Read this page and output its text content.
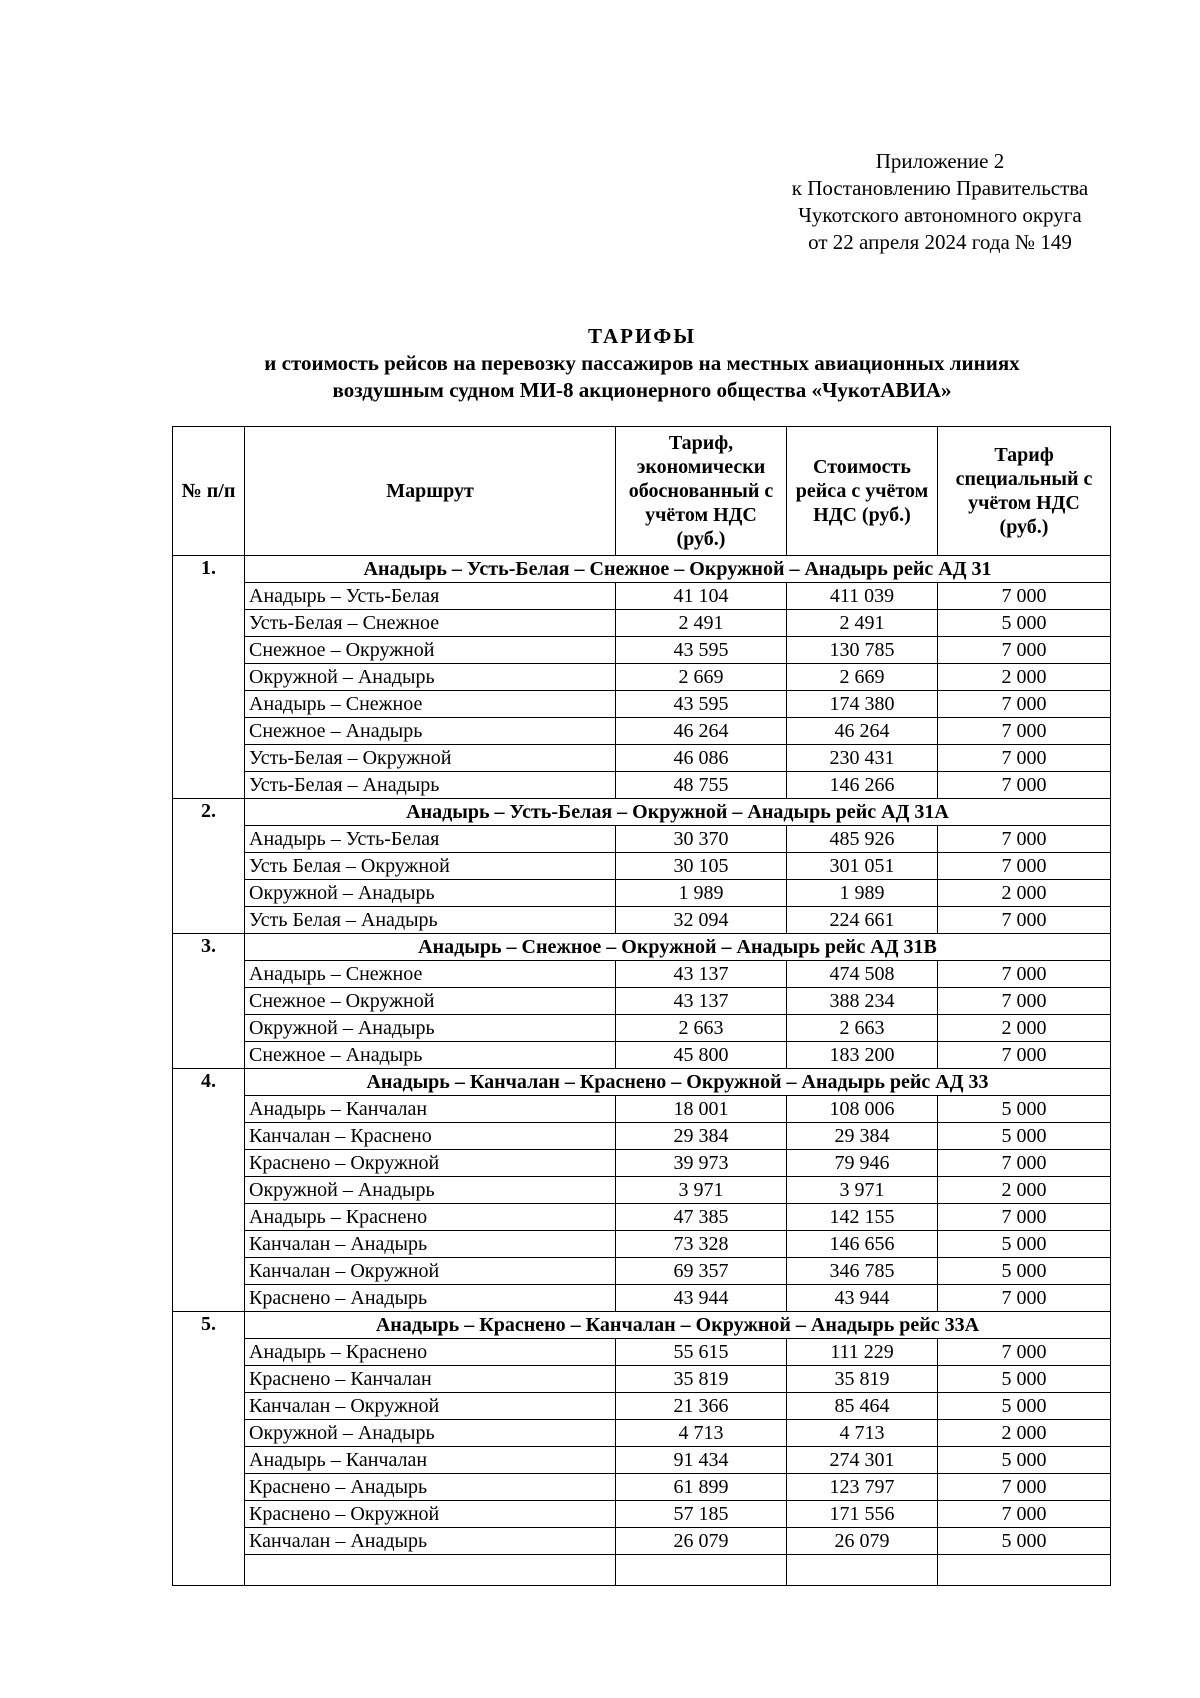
Приложение 2
к Постановлению Правительства
Чукотского автономного округа
от 22 апреля 2024 года № 149
ТАРИФЫ
и стоимость рейсов на перевозку пассажиров на местных авиационных линиях
воздушным судном МИ-8 акционерного общества «ЧукотАВИА»
№ п/п	Маршрут	Тариф, экономически обоснованный с учётом НДС (руб.)	Стоимость рейса с учётом НДС (руб.)	Тариф специальный с учётом НДС (руб.)
1.	Анадырь – Усть-Белая – Снежное – Окружной – Анадырь рейс АД 31			
	Анадырь – Усть-Белая	41 104	411 039	7 000
	Усть-Белая – Снежное	2 491	2 491	5 000
	Снежное – Окружной	43 595	130 785	7 000
	Окружной – Анадырь	2 669	2 669	2 000
	Анадырь – Снежное	43 595	174 380	7 000
	Снежное – Анадырь	46 264	46 264	7 000
	Усть-Белая – Окружной	46 086	230 431	7 000
	Усть-Белая – Анадырь	48 755	146 266	7 000
2.	Анадырь – Усть-Белая – Окружной – Анадырь рейс АД 31А			
	Анадырь – Усть-Белая	30 370	485 926	7 000
	Усть Белая – Окружной	30 105	301 051	7 000
	Окружной – Анадырь	1 989	1 989	2 000
	Усть Белая – Анадырь	32 094	224 661	7 000
3.	Анадырь – Снежное – Окружной – Анадырь рейс АД 31В			
	Анадырь – Снежное	43 137	474 508	7 000
	Снежное – Окружной	43 137	388 234	7 000
	Окружной – Анадырь	2 663	2 663	2 000
	Снежное – Анадырь	45 800	183 200	7 000
4.	Анадырь – Канчалан – Краснено – Окружной – Анадырь рейс АД 33			
	Анадырь – Канчалан	18 001	108 006	5 000
	Канчалан – Краснено	29 384	29 384	5 000
	Краснено – Окружной	39 973	79 946	7 000
	Окружной – Анадырь	3 971	3 971	2 000
	Анадырь – Краснено	47 385	142 155	7 000
	Канчалан – Анадырь	73 328	146 656	5 000
	Канчалан – Окружной	69 357	346 785	5 000
	Краснено – Анадырь	43 944	43 944	7 000
5.	Анадырь – Краснено – Канчалан – Окружной – Анадырь рейс 33А			
	Анадырь – Краснено	55 615	111 229	7 000
	Краснено – Канчалан	35 819	35 819	5 000
	Канчалан – Окружной	21 366	85 464	5 000
	Окружной – Анадырь	4 713	4 713	2 000
	Анадырь – Канчалан	91 434	274 301	5 000
	Краснено – Анадырь	61 899	123 797	7 000
	Краснено – Окружной	57 185	171 556	7 000
	Канчалан – Анадырь	26 079	26 079	5 000
